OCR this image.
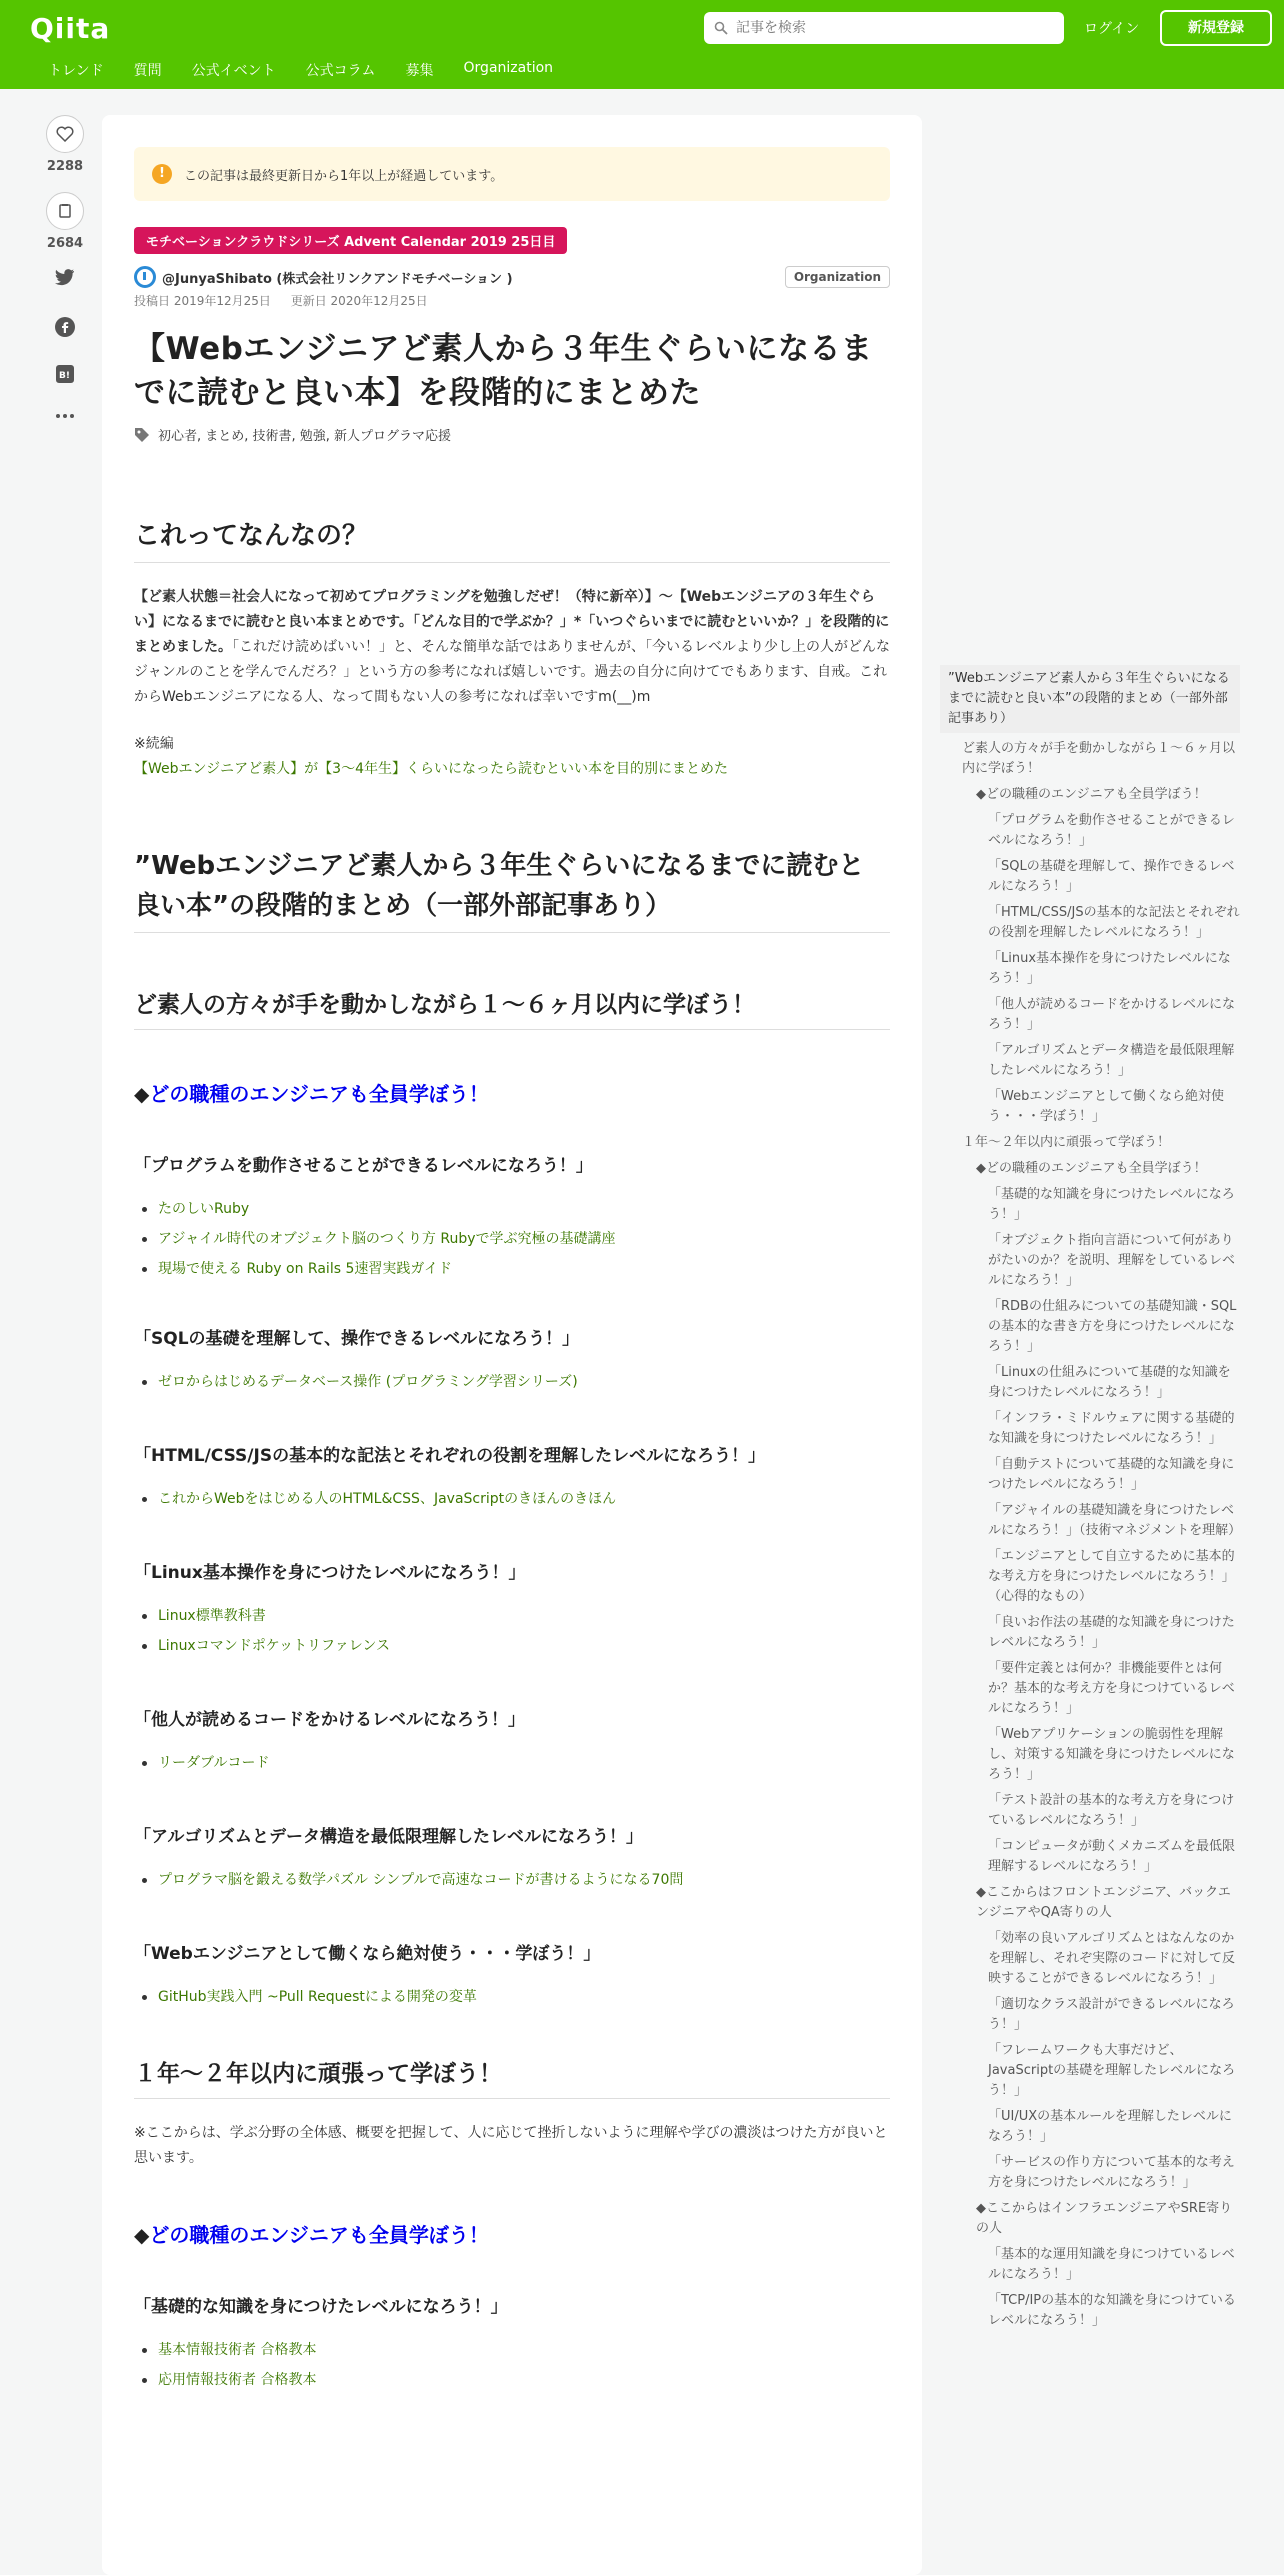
Qiita
記事を検索	ログイン	新規登録
トレンド 質問 公式イベント 公式コラム 募集 Organization
2288
2684
B!
!	この記事は最終更新日から1年以上が経過しています。
モチベーションクラウドシリーズ Advent Calendar 2019 25日目
@JunyaShibato (株式会社リンクアンドモチベーション )	Organization
投稿日 2019年12月25日 更新日 2020年12月25日
【Webエンジニアど素人から３年生ぐらいになるまでに読むと良い本】を段階的にまとめた
初心者, まとめ, 技術書, 勉強, 新人プログラマ応援
これってなんなの？

【ど素人状態＝社会人になって初めてプログラミングを勉強しだぜ！（特に新卒）】〜【Webエンジニアの３年生ぐらい】になるまでに読むと良い本まとめです。「どんな目的で学ぶか？」*「いつぐらいまでに読むといいか？」を段階的にまとめました。「これだけ読めばいい！」と、そんな簡単な話ではありませんが、「今いるレベルより少し上の人がどんなジャンルのことを学んでんだろ？」という方の参考になれば嬉しいです。過去の自分に向けてでもあります、自戒。これからWebエンジニアになる人、なって間もない人の参考になれば幸いですm(__)m

※続編

【Webエンジニアど素人】が【3〜4年生】くらいになったら読むといい本を目的別にまとめた

”Webエンジニアど素人から３年生ぐらいになるまでに読むと良い本”の段階的まとめ（一部外部記事あり）
ど素人の方々が手を動かしながら１〜６ヶ月以内に学ぼう！
◆どの職種のエンジニアも全員学ぼう！
「プログラムを動作させることができるレベルになろう！」
たのしいRuby
アジャイル時代のオブジェクト脳のつくり方 Rubyで学ぶ究極の基礎講座
現場で使える Ruby on Rails 5速習実践ガイド
「SQLの基礎を理解して、操作できるレベルになろう！」
ゼロからはじめるデータベース操作 (プログラミング学習シリーズ)
「HTML/CSS/JSの基本的な記法とそれぞれの役割を理解したレベルになろう！」
これからWebをはじめる人のHTML&CSS、JavaScriptのきほんのきほん
「Linux基本操作を身につけたレベルになろう！」
Linux標準教科書
Linuxコマンドポケットリファレンス
「他人が読めるコードをかけるレベルになろう！」
リーダブルコード
「アルゴリズムとデータ構造を最低限理解したレベルになろう！」
プログラマ脳を鍛える数学パズル シンプルで高速なコードが書けるようになる70問
「Webエンジニアとして働くなら絶対使う・・・学ぼう！」
GitHub実践入門 ~Pull Requestによる開発の変革
１年〜２年以内に頑張って学ぼう！

※ここからは、学ぶ分野の全体感、概要を把握して、人に応じて挫折しないように理解や学びの濃淡はつけた方が良いと思います。

◆どの職種のエンジニアも全員学ぼう！
「基礎的な知識を身につけたレベルになろう！」
基本情報技術者 合格教本
応用情報技術者 合格教本
”Webエンジニアど素人から３年生ぐらいになるまでに読むと良い本”の段階的まとめ（一部外部記事あり）
ど素人の方々が手を動かしながら１〜６ヶ月以内に学ぼう！
◆どの職種のエンジニアも全員学ぼう！
「プログラムを動作させることができるレベルになろう！」
「SQLの基礎を理解して、操作できるレベルになろう！」
「HTML/CSS/JSの基本的な記法とそれぞれの役割を理解したレベルになろう！」
「Linux基本操作を身につけたレベルになろう！」
「他人が読めるコードをかけるレベルになろう！」
「アルゴリズムとデータ構造を最低限理解したレベルになろう！」
「Webエンジニアとして働くなら絶対使う・・・学ぼう！」
１年〜２年以内に頑張って学ぼう！
◆どの職種のエンジニアも全員学ぼう！
「基礎的な知識を身につけたレベルになろう！」
「オブジェクト指向言語について何がありがたいのか？を説明、理解をしているレベルになろう！」
「RDBの仕組みについての基礎知識・SQLの基本的な書き方を身につけたレベルになろう！」
「Linuxの仕組みについて基礎的な知識を身につけたレベルになろう！」
「インフラ・ミドルウェアに関する基礎的な知識を身につけたレベルになろう！」
「自動テストについて基礎的な知識を身につけたレベルになろう！」
「アジャイルの基礎知識を身につけたレベルになろう！」（技術マネジメントを理解）
「エンジニアとして自立するために基本的な考え方を身につけたレベルになろう！」（心得的なもの）
「良いお作法の基礎的な知識を身につけたレベルになろう！」
「要件定義とは何か？非機能要件とは何か？基本的な考え方を身につけているレベルになろう！」
「Webアプリケーションの脆弱性を理解し、対策する知識を身につけたレベルになろう！」
「テスト設計の基本的な考え方を身につけているレベルになろう！」
「コンピュータが動くメカニズムを最低限理解するレベルになろう！」
◆ここからはフロントエンジニア、バックエンジニアやQA寄りの人
「効率の良いアルゴリズムとはなんなのかを理解し、それぞ実際のコードに対して反映することができるレベルになろう！」
「適切なクラス設計ができるレベルになろう！」
「フレームワークも大事だけど、JavaScriptの基礎を理解したレベルになろう！」
「UI/UXの基本ルールを理解したレベルになろう！」
「サービスの作り方について基本的な考え方を身につけたレベルになろう！」
◆ここからはインフラエンジニアやSRE寄りの人
「基本的な運用知識を身につけているレベルになろう！」
「TCP/IPの基本的な知識を身につけているレベルになろう！」
